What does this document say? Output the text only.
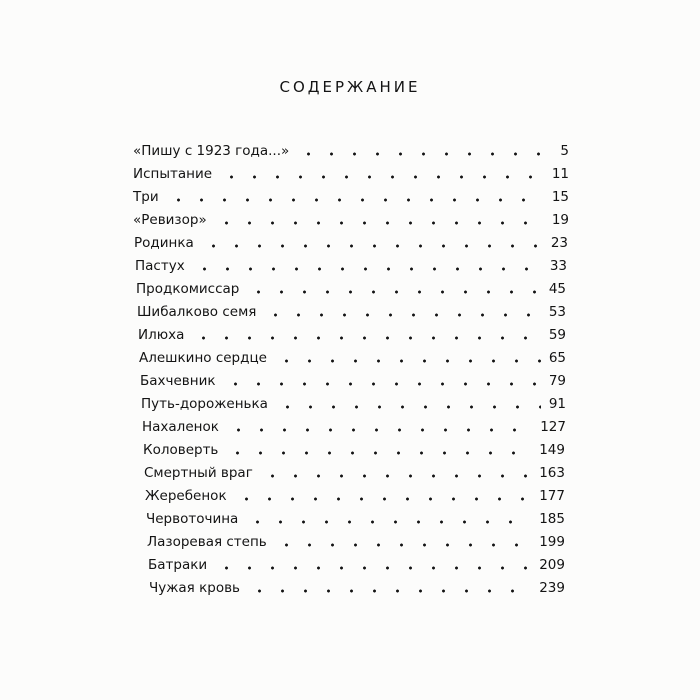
СОДЕРЖАНИЕ
«Пишу с 1923 года...»	5
Испытание	11
Три	15
«Ревизор»	19
Родинка	23
Пастух	33
Продкомиссар	45
Шибалково семя	53
Илюха	59
Алешкино сердце	65
Бахчевник	79
Путь-дороженька	91
Нахаленок	127
Коловерть	149
Смертный враг	163
Жеребенок	177
Червоточина	185
Лазоревая степь	199
Батраки	209
Чужая кровь	239
